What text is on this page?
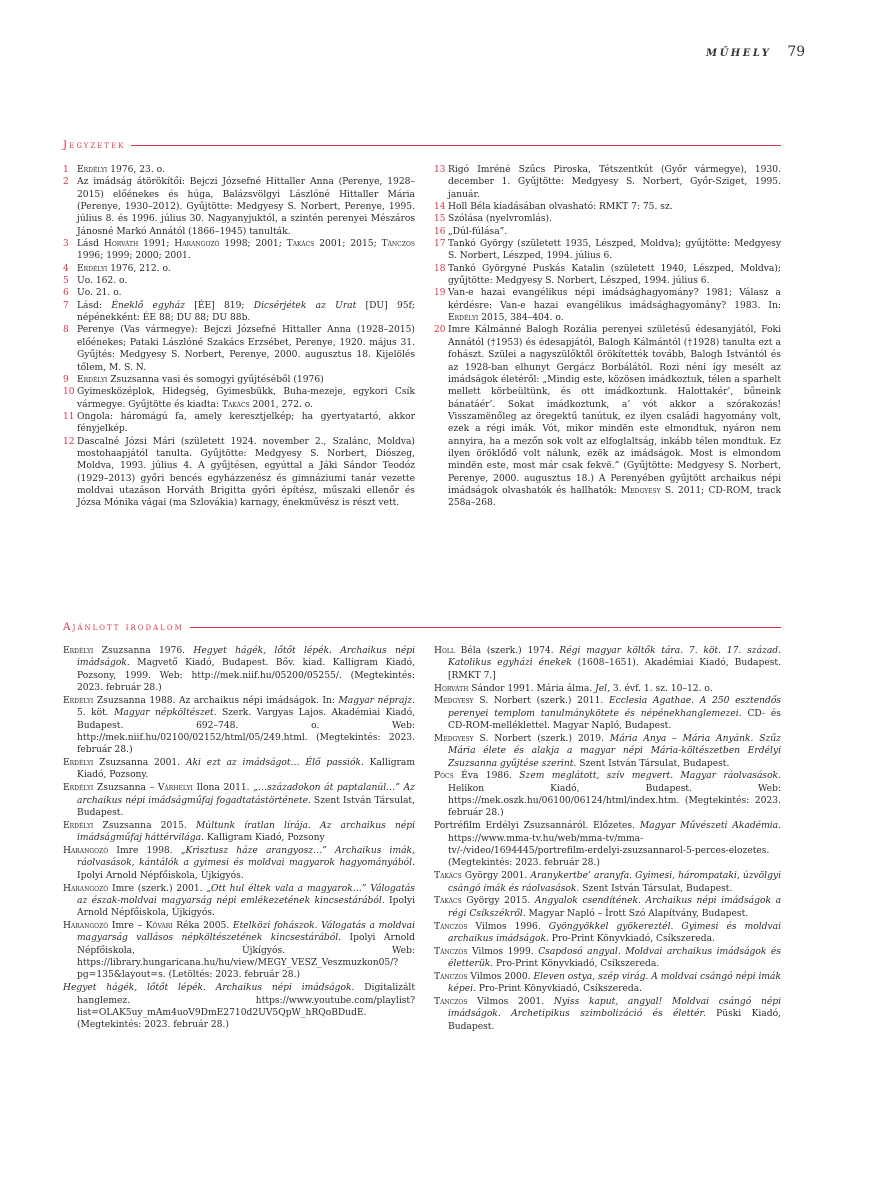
MŰHELY 79
Jegyzetek
1 Erdélyi 1976, 23. o.
2 Az imádság átörökítői: Bejczi Józsefné Hittaller Anna (Perenye, 1928–2015) előénekes és húga, Balázsvölgyi Lászlóné Hittaller Mária (Perenye, 1930–2012). Gyűjtötte: Medgyesy S. Norbert, Perenye, 1995. július 8. és 1996. július 30. Nagyanyjuktól, a szintén perenyei Mészáros Jánosné Markó Annától (1866–1945) tanulták.
3 Lásd Horváth 1991; Harangozó 1998; 2001; Takács 2001; 2015; Tánczos 1996; 1999; 2000; 2001.
4 Erdélyi 1976, 212. o.
5 Uo. 162. o.
6 Uo. 21. o.
7 Lásd: Éneklő egyház [ÉE] 819; Dicsérjétek az Urat [DU] 95f; népénekként: ÉE 88; DU 88; DU 88b.
8 Perenye (Vas vármegye): Bejczi Józsefné Hittaller Anna (1928–2015) előénekes; Pataki Lászlóné Szakács Erzsébet, Perenye, 1920. május 31. Gyűjtés: Medgyesy S. Norbert, Perenye, 2000. augusztus 18. Kijelölés tőlem, M. S. N.
9 Erdélyi Zsuzsanna vasi és somogyi gyűjtéséből (1976)
10 Gyimesközéplok, Hidegség, Gyimesbükk, Buha-mezeje, egykori Csík vármegye. Gyűjtötte és kiadta: Takács 2001, 272. o.
11 Ongola: háromágú fa, amely keresztjelkép; ha gyertyatartó, akkor fényjelkép.
12 Dascalné Józsi Mári (született 1924. november 2., Szalánc, Moldva) mostohaapjától tanulta. Gyűjtötte: Medgyesy S. Norbert, Diószeg, Moldva, 1993. július 4. A gyűjtésen, egyúttal a Jáki Sándor Teodóz (1929–2013) győri bencés egyházzenész és gimnáziumi tanár vezette moldvai utazáson Horváth Brigitta győri építész, műszaki ellenőr és Józsa Mónika vágai (ma Szlovákia) karnagy, énekművész is részt vett.
13 Rigó Imréné Szűcs Piroska, Tétszentkút (Győr vármegye), 1930. december 1. Gyűjtötte: Medgyesy S. Norbert, Győr-Sziget, 1995. január.
14 Holl Béla kiadásában olvasható: RMKT 7: 75. sz.
15 Szólása (nyelvromlás).
16 „Dúl-fúlása”.
17 Tankó György (született 1935, Lészped, Moldva); gyűjtötte: Medgyesy S. Norbert, Lészped, 1994. július 6.
18 Tankó Györgyné Puskás Katalin (született 1940, Lészped, Moldva); gyűjtötte: Medgyesy S. Norbert, Lészped, 1994. július 6.
19 Van-e hazai evangélikus népi imádsághagyomány? 1981; Válasz a kérdésre: Van-e hazai evangélikus imádsághagyomány? 1983. In: Erdélyi 2015, 384–404. o.
20 Imre Kálmánné Balogh Rozália perenyei születésű édesanyjától, Foki Annától (†1953) és édesapjától, Balogh Kálmántól (†1928) tanulta ezt a fohászt. Szülei a nagyszülőktől örökítették tovább, Balogh Istvántól és az 1928-ban elhunyt Gergácz Borbálától. Rozi néni így mesélt az imádságok életéről: „Mindig este, közösen imádkoztuk, télen a sparhelt mellett körbeültünk, és ott imádkoztunk. Halottakér’, bűneink bánatáér’. Sokat imádkoztunk, a’ vót akkor a szórakozás! Visszamënőleg az öregektű tanútuk, ez ilyen családi hagyomány volt, ezek a régi imák. Vót, mikor mindën este elmondtuk, nyáron nem annyira, ha a mezőn sok volt az elfoglaltság, inkább télen mondtuk. Ez ilyen öröklődő volt nálunk, ezëk az imádságok. Most is elmondom mindën este, most már csak fekvë.” (Gyűjtötte: Medgyesy S. Norbert, Perenye, 2000. augusztus 18.) A Perenyében gyűjtött archaikus népi imádságok olvashatók és hallhatók: Medgyesy S. 2011; CD-ROM, track 258a–268.
Ajánlott irodalom
Erdélyi Zsuzsanna 1976. Hegyet hágék, lőtőt lépék. Archaikus népi imádságok. Magvető Kiadó, Budapest. Bőv. kiad. Kalligram Kiadó, Pozsony, 1999. Web: http://mek.niif.hu/05200/05255/. (Megtekintés: 2023. február 28.)
Erdélyi Zsuzsanna 1988. Az archaikus népi imádságok. In: Magyar néprajz. 5. köt. Magyar népköltészet. Szerk. Vargyas Lajos. Akadémiai Kiadó, Budapest. 692–748. o. Web: http://mek.niif.hu/02100/02152/html/05/249.html. (Megtekintés: 2023. február 28.)
Erdélyi Zsuzsanna 2001. Aki ezt az imádságot… Élő passiók. Kalligram Kiadó, Pozsony.
Erdélyi Zsuzsanna – Várhelyi Ilona 2011. „…századokon át paptalanúl…” Az archaikus népi imádságműfaj fogadtatástörténete. Szent István Társulat, Budapest.
Erdélyi Zsuzsanna 2015. Múltunk íratlan lírája. Az archaikus népi imádságműfaj háttérvilága. Kalligram Kiadó, Pozsony
Harangozó Imre 1998. „Krisztusz háze arangyosz…” Archaikus imák, ráolvasások, kántálók a gyimesi és moldvai magyarok hagyományából. Ipolyi Arnold Népfőiskola, Újkígyós.
Harangozó Imre (szerk.) 2001. „Ott hul éltek vala a magyarok…” Válogatás az észak-moldvai magyarság népi emlékezetének kincsestárából. Ipolyi Arnold Népfőiskola, Újkígyós.
Harangozó Imre – Kővári Réka 2005. Etelközi fohászok. Válogatás a moldvai magyarság vallásos népköltészetének kincsestárából. Ipolyi Arnold Népfőiskola, Újkígyós. Web: https://library.hungaricana.hu/hu/view/MEGY_VESZ_Veszmuzkon05/?pg=135&layout=s. (Letöltés: 2023. február 28.)
Hegyet hágék, lőtőt lépék. Archaikus népi imádságok. Digitalizált hanglemez. https://www.youtube.com/playlist?list=OLAK5uy_mAm4uoV9DmE2710d2UV5QpW_hRQoBDudE. (Megtekintés: 2023. február 28.)
Holl Béla (szerk.) 1974. Régi magyar költők tára. 7. köt. 17. század. Katolikus egyházi énekek (1608–1651). Akadémiai Kiadó, Budapest. [RMKT 7.]
Horváth Sándor 1991. Mária álma. Jel, 3. évf. 1. sz. 10–12. o.
Medgyesy S. Norbert (szerk.) 2011. Ecclesia Agathae. A 250 esztendős perenyei templom tanulmánykötete és népénekhanglemezei. CD- és CD-ROM-melléklettel. Magyar Napló, Budapest.
Medgyesy S. Norbert (szerk.) 2019. Mária Anya – Mária Anyánk. Szűz Mária élete és alakja a magyar népi Mária-költészetben Erdélyi Zsuzsanna gyűjtése szerint. Szent István Társulat, Budapest.
Pócs Éva 1986. Szem meglátott, szív megvert. Magyar ráolvasások. Helikon Kiadó, Budapest. Web: https://mek.oszk.hu/06100/06124/html/index.htm. (Megtekintés: 2023. február 28.)
Portréfilm Erdélyi Zsuzsannáról. Előzetes. Magyar Művészeti Akadémia. https://www.mma-tv.hu/web/mma-tv/mma-tv/-/video/1694445/portrefilm-erdelyi-zsuzsannarol-5-perces-elozetes. (Megtekintés: 2023. február 28.)
Takács György 2001. Aranykertbe’ aranyfa. Gyimesi, hárompataki, úzvölgyi csángó imák és ráolvasások. Szent István Társulat, Budapest.
Takács György 2015. Angyalok csendítének. Archaikus népi imádságok a régi Csíkszékről. Magyar Napló – Írott Szó Alapítvány, Budapest.
Tánczos Vilmos 1996. Gyöngyökkel gyökereztél. Gyimesi és moldvai archaikus imádságok. Pro-Print Könyvkiadó, Csíkszereda.
Tánczos Vilmos 1999. Csapdosó angyal. Moldvai archaikus imádságok és életterük. Pro-Print Könyvkiadó, Csíkszereda.
Tánczos Vilmos 2000. Eleven ostya, szép virág. A moldvai csángó népi imák képei. Pro-Print Könyvkiadó, Csíkszereda.
Tánczos Vilmos 2001. Nyiss kaput, angyal! Moldvai csángó népi imádságok. Archetipikus szimbolizáció és élettér. Püski Kiadó, Budapest.
